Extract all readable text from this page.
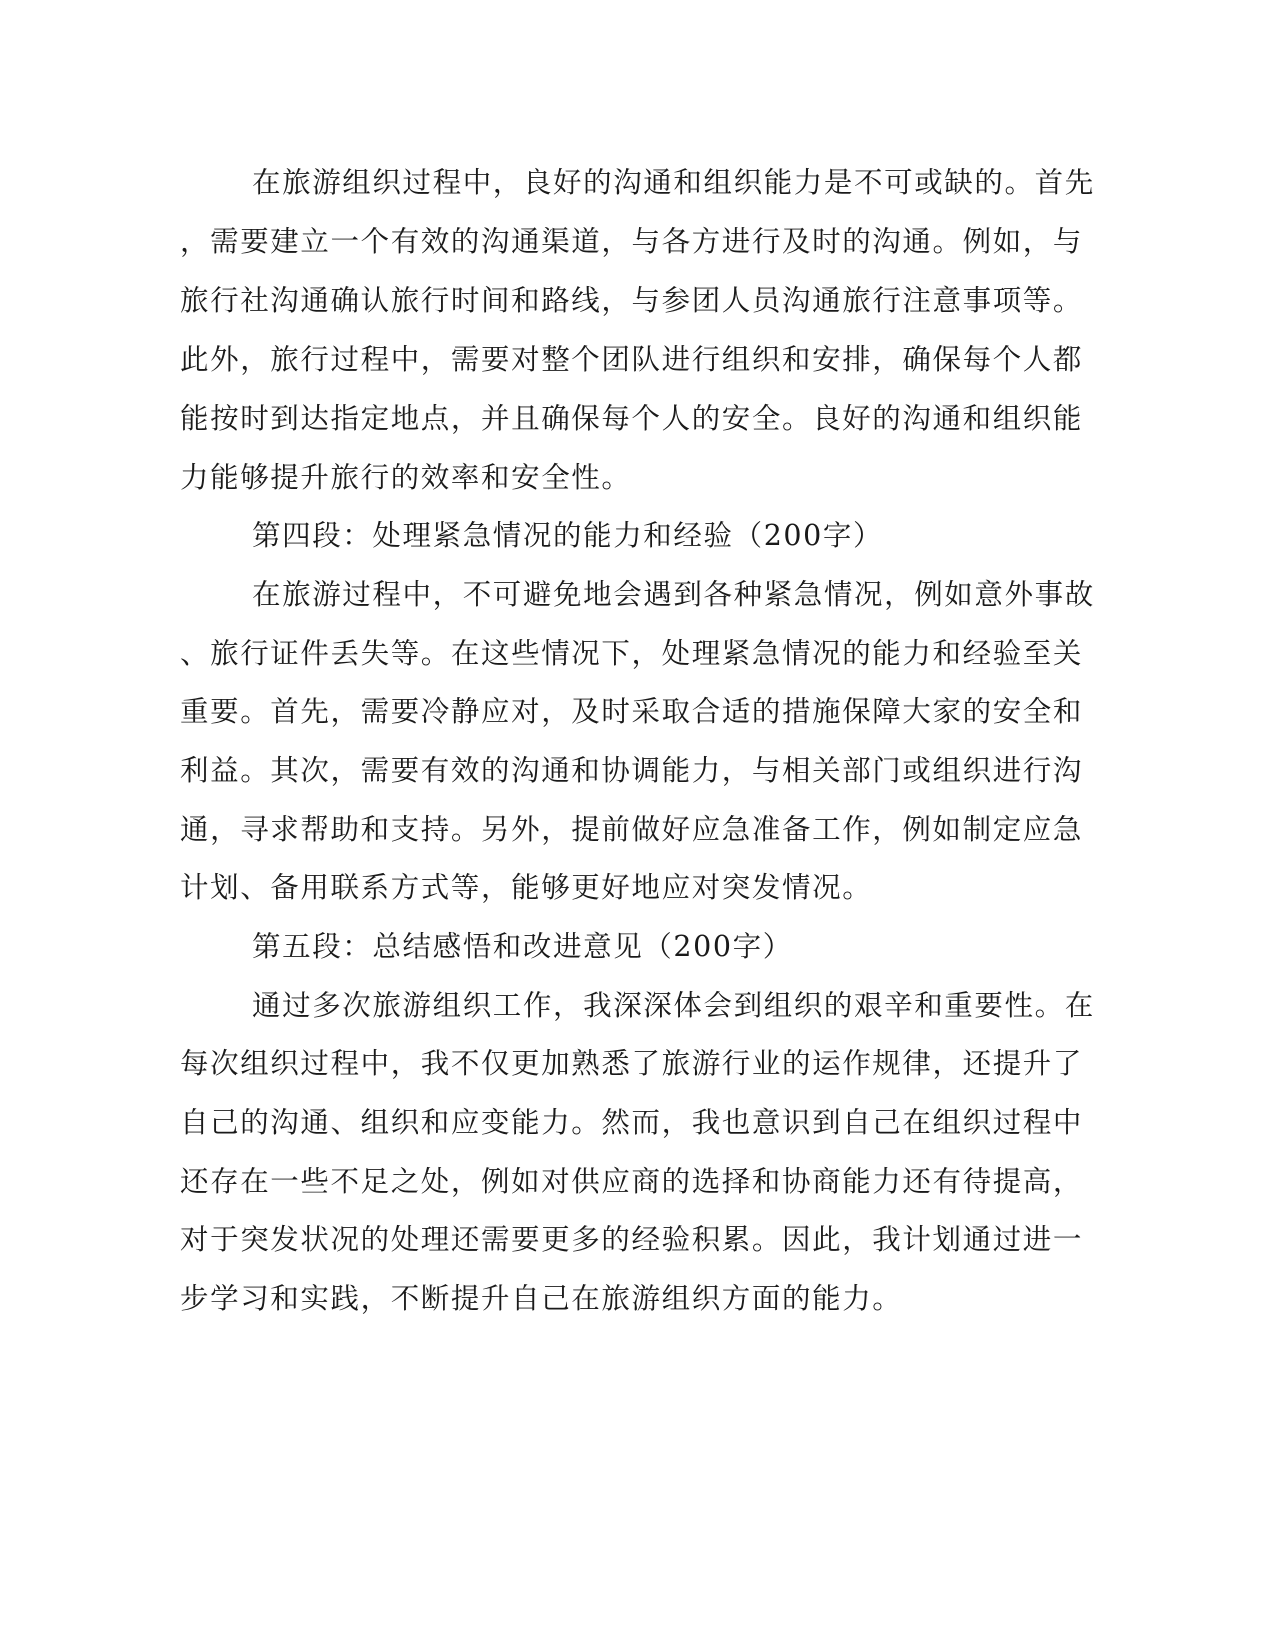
在旅游组织过程中，良好的沟通和组织能力是不可或缺的。首先
，需要建立一个有效的沟通渠道，与各方进行及时的沟通。例如，与
旅行社沟通确认旅行时间和路线，与参团人员沟通旅行注意事项等。
此外，旅行过程中，需要对整个团队进行组织和安排，确保每个人都
能按时到达指定地点，并且确保每个人的安全。良好的沟通和组织能
力能够提升旅行的效率和安全性。
第四段：处理紧急情况的能力和经验（200字）
在旅游过程中，不可避免地会遇到各种紧急情况，例如意外事故
、旅行证件丢失等。在这些情况下，处理紧急情况的能力和经验至关
重要。首先，需要冷静应对，及时采取合适的措施保障大家的安全和
利益。其次，需要有效的沟通和协调能力，与相关部门或组织进行沟
通，寻求帮助和支持。另外，提前做好应急准备工作，例如制定应急
计划、备用联系方式等，能够更好地应对突发情况。
第五段：总结感悟和改进意见（200字）
通过多次旅游组织工作，我深深体会到组织的艰辛和重要性。在
每次组织过程中，我不仅更加熟悉了旅游行业的运作规律，还提升了
自己的沟通、组织和应变能力。然而，我也意识到自己在组织过程中
还存在一些不足之处，例如对供应商的选择和协商能力还有待提高，
对于突发状况的处理还需要更多的经验积累。因此，我计划通过进一
步学习和实践，不断提升自己在旅游组织方面的能力。
